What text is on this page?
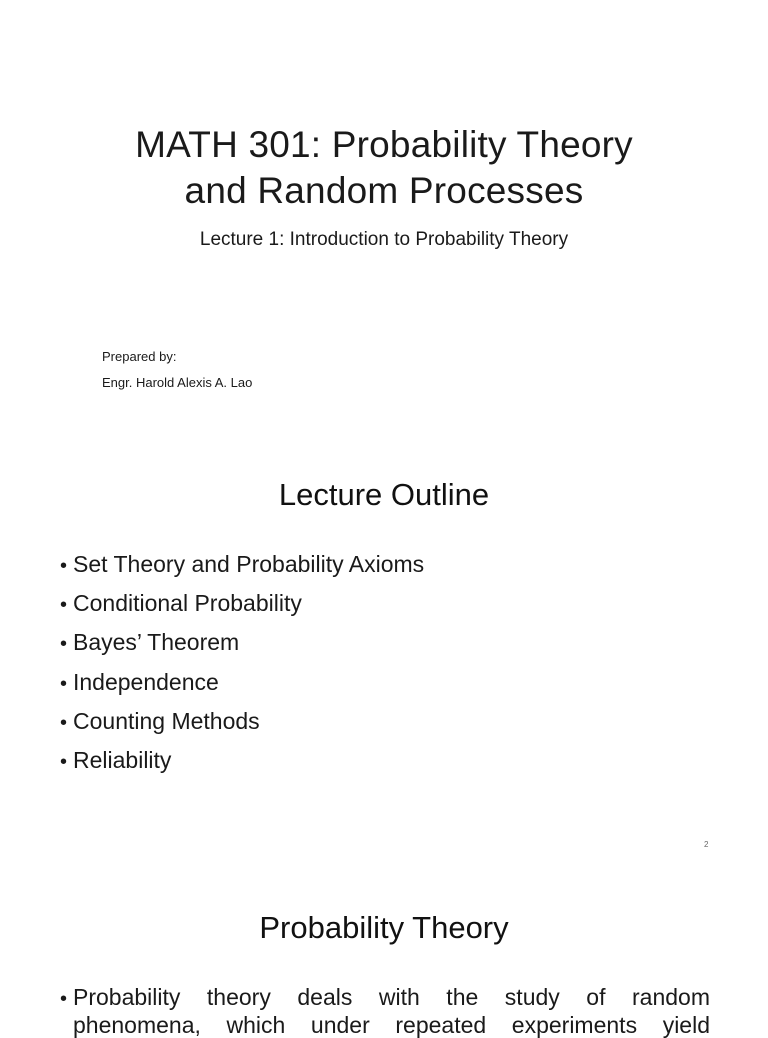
MATH 301: Probability Theory
and Random Processes
Lecture 1: Introduction to Probability Theory
Prepared by:
Engr. Harold Alexis A. Lao
Lecture Outline
• Set Theory and Probability Axioms
• Conditional Probability
• Bayes’ Theorem
• Independence
• Counting Methods
• Reliability
2
Probability Theory
• Probability theory deals with the study of random
phenomena, which under repeated experiments yield
